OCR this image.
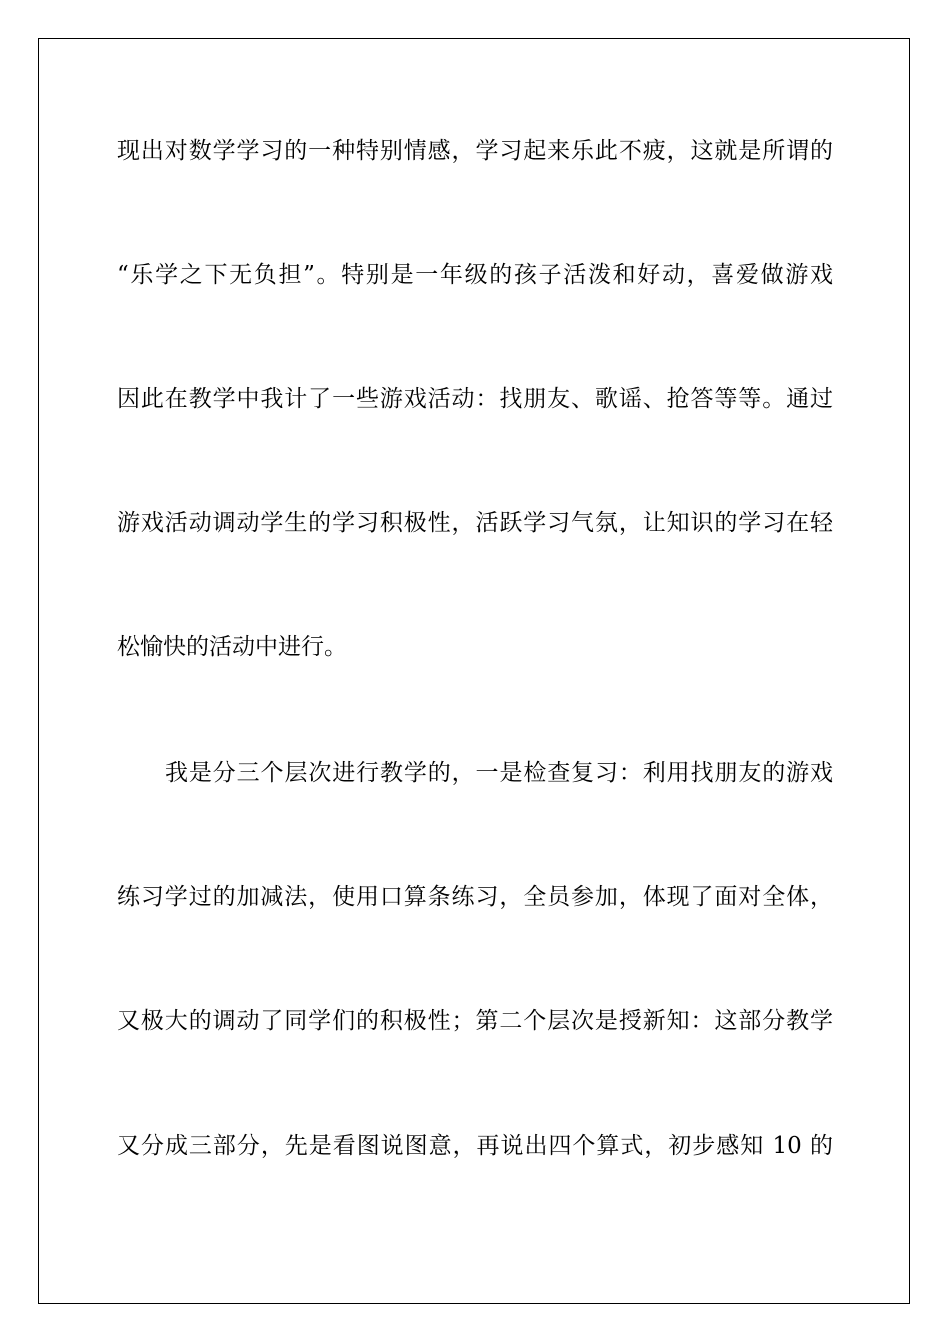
现出对数学学习的一种特别情感，学习起来乐此不疲，这就是所谓的

“乐学之下无负担”。特别是一年级的孩子活泼和好动，喜爱做游戏

因此在教学中我计了一些游戏活动：找朋友、歌谣、抢答等等。通过

游戏活动调动学生的学习积极性，活跃学习气氛，让知识的学习在轻

松愉快的活动中进行。

我是分三个层次进行教学的，一是检查复习：利用找朋友的游戏

练习学过的加减法，使用口算条练习，全员参加，体现了面对全体，

又极大的调动了同学们的积极性；第二个层次是授新知：这部分教学

又分成三部分，先是看图说图意，再说出四个算式，初步感知 10 的
